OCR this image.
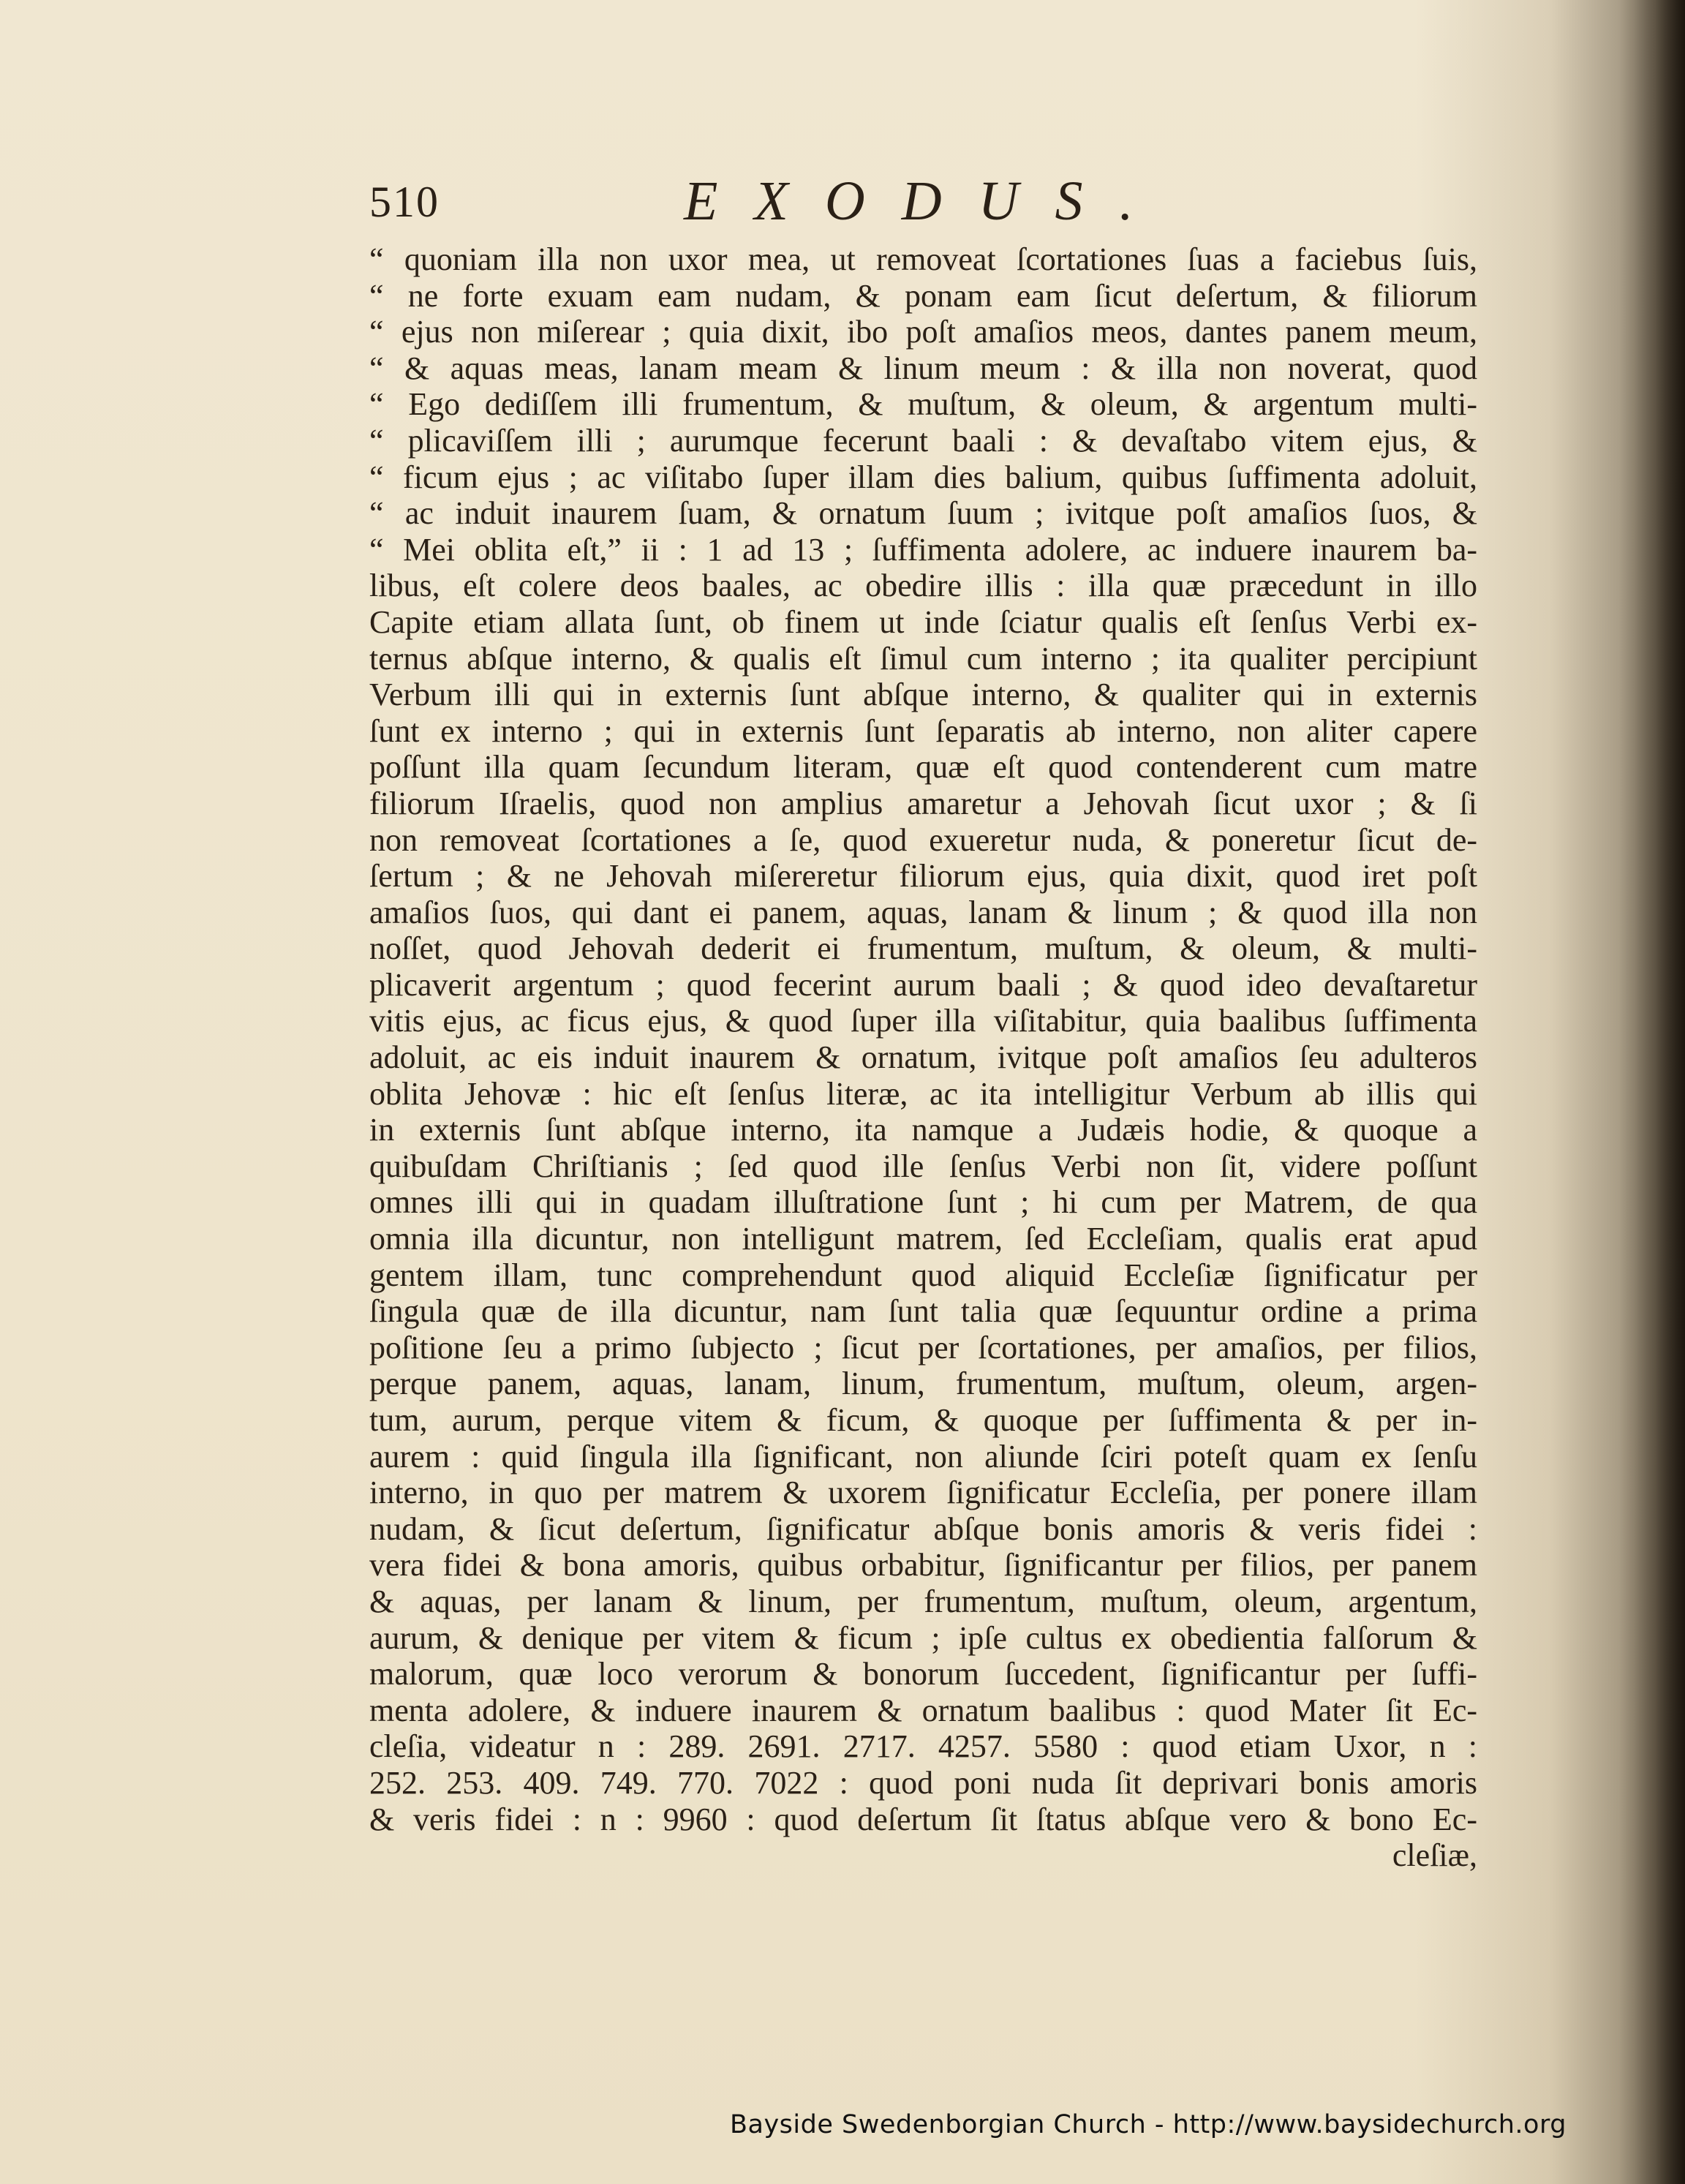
510	EXODUS.
“ quoniam illa non uxor mea, ut removeat ſcortationes ſuas a faciebus ſuis,
“ ne forte exuam eam nudam, & ponam eam ſicut deſertum, & filiorum
“ ejus non miſerear ; quia dixit, ibo poſt amaſios meos, dantes panem meum,
“ & aquas meas, lanam meam & linum meum : & illa non noverat, quod
“ Ego dediſſem illi frumentum, & muſtum, & oleum, & argentum multi-
“ plicaviſſem illi ; aurumque fecerunt baali : & devaſtabo vitem ejus, &
“ ficum ejus ; ac viſitabo ſuper illam dies balium, quibus ſuffimenta adoluit,
“ ac induit inaurem ſuam, & ornatum ſuum ; ivitque poſt amaſios ſuos, &
“ Mei oblita eſt,” ii : 1 ad 13 ; ſuffimenta adolere, ac induere inaurem ba-
libus, eſt colere deos baales, ac obedire illis : illa quæ præcedunt in illo
Capite etiam allata ſunt, ob finem ut inde ſciatur qualis eſt ſenſus Verbi ex-
ternus abſque interno, & qualis eſt ſimul cum interno ; ita qualiter percipiunt
Verbum illi qui in externis ſunt abſque interno, & qualiter qui in externis
ſunt ex interno ; qui in externis ſunt ſeparatis ab interno, non aliter capere
poſſunt illa quam ſecundum literam, quæ eſt quod contenderent cum matre
filiorum Iſraelis, quod non amplius amaretur a Jehovah ſicut uxor ; & ſi
non removeat ſcortationes a ſe, quod exueretur nuda, & poneretur ſicut de-
ſertum ; & ne Jehovah miſereretur filiorum ejus, quia dixit, quod iret poſt
amaſios ſuos, qui dant ei panem, aquas, lanam & linum ; & quod illa non
noſſet, quod Jehovah dederit ei frumentum, muſtum, & oleum, & multi-
plicaverit argentum ; quod fecerint aurum baali ; & quod ideo devaſtaretur
vitis ejus, ac ficus ejus, & quod ſuper illa viſitabitur, quia baalibus ſuffimenta
adoluit, ac eis induit inaurem & ornatum, ivitque poſt amaſios ſeu adulteros
oblita Jehovæ : hic eſt ſenſus literæ, ac ita intelligitur Verbum ab illis qui
in externis ſunt abſque interno, ita namque a Judæis hodie, & quoque a
quibuſdam Chriſtianis ; ſed quod ille ſenſus Verbi non ſit, videre poſſunt
omnes illi qui in quadam illuſtratione ſunt ; hi cum per Matrem, de qua
omnia illa dicuntur, non intelligunt matrem, ſed Eccleſiam, qualis erat apud
gentem illam, tunc comprehendunt quod aliquid Eccleſiæ ſignificatur per
ſingula quæ de illa dicuntur, nam ſunt talia quæ ſequuntur ordine a prima
poſitione ſeu a primo ſubjecto ; ſicut per ſcortationes, per amaſios, per filios,
perque panem, aquas, lanam, linum, frumentum, muſtum, oleum, argen-
tum, aurum, perque vitem & ficum, & quoque per ſuffimenta & per in-
aurem : quid ſingula illa ſignificant, non aliunde ſciri poteſt quam ex ſenſu
interno, in quo per matrem & uxorem ſignificatur Eccleſia, per ponere illam
nudam, & ſicut deſertum, ſignificatur abſque bonis amoris & veris fidei :
vera fidei & bona amoris, quibus orbabitur, ſignificantur per filios, per panem
& aquas, per lanam & linum, per frumentum, muſtum, oleum, argentum,
aurum, & denique per vitem & ficum ; ipſe cultus ex obedientia falſorum &
malorum, quæ loco verorum & bonorum ſuccedent, ſignificantur per ſuffi-
menta adolere, & induere inaurem & ornatum baalibus : quod Mater ſit Ec-
cleſia, videatur n : 289. 2691. 2717. 4257. 5580 : quod etiam Uxor, n :
252. 253. 409. 749. 770. 7022 : quod poni nuda ſit deprivari bonis amoris
& veris fidei : n : 9960 : quod deſertum ſit ſtatus abſque vero & bono Ec-
cleſiæ,
Bayside Swedenborgian Church - http://www.baysidechurch.org
